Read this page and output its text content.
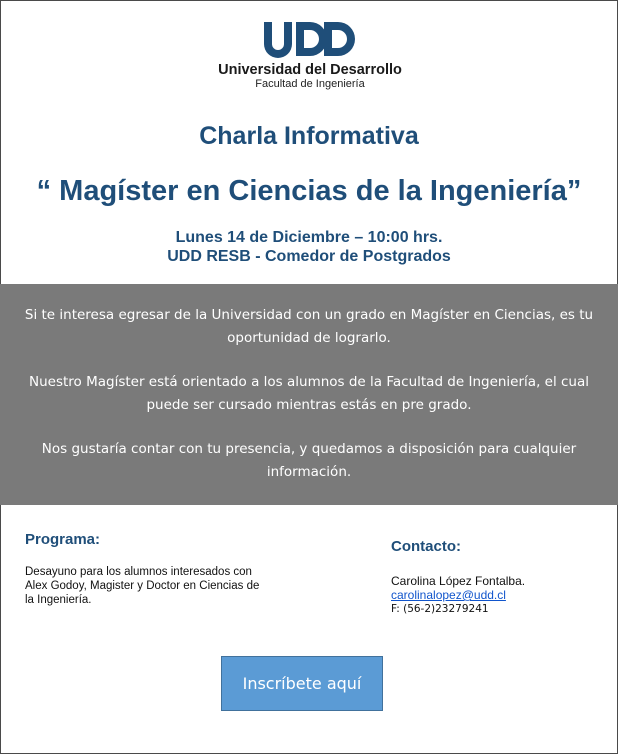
Universidad del Desarrollo
Facultad de Ingeniería
Charla Informativa
“ Magíster en Ciencias de la Ingeniería”
Lunes 14 de Diciembre – 10:00 hrs.
UDD RESB - Comedor de Postgrados

Si te interesa egresar de la Universidad con un grado en Magíster en Ciencias, es tu oportunidad de lograrlo.

Nuestro Magíster está orientado a los alumnos de la Facultad de Ingeniería, el cual puede ser cursado mientras estás en pre grado.

Nos gustaría contar con tu presencia, y quedamos a disposición para cualquier información.

Programa:
Desayuno para los alumnos interesados con Alex Godoy, Magister y Doctor en Ciencias de la Ingeniería.
Contacto:
Carolina López Fontalba.
carolinalopez@udd.cl
F: (56-2)23279241
Inscríbete aquí
